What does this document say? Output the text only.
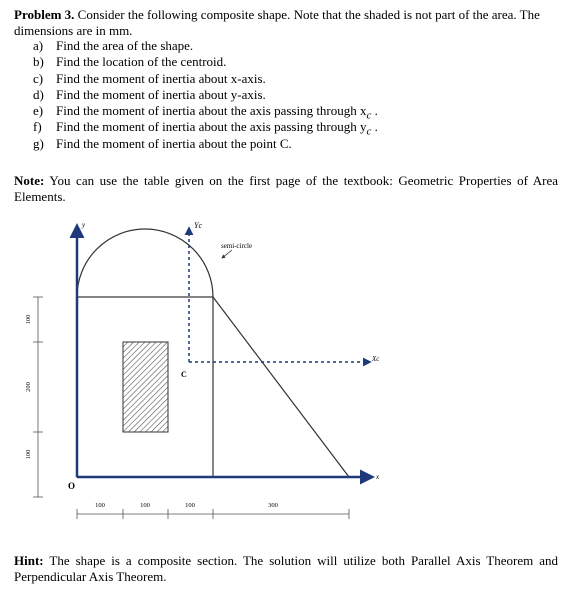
Problem 3. Consider the following composite shape. Note that the shaded is not part of the area. The dimensions are in mm.

a) Find the area of the shape.
b) Find the location of the centroid.
c) Find the moment of inertia about x-axis.
d) Find the moment of inertia about y-axis.
e) Find the moment of inertia about the axis passing through $x_c$ .
f) Find the moment of inertia about the axis passing through $y_c$ .
g) Find the moment of inertia about the point C.
Note: You can use the table given on the first page of the textbook: Geometric Properties of Area Elements.
y	Yc
semi-circle
Xc
x
C
O
100
200
100
100	100	100	300
Hint: The shape is a composite section. The solution will utilize both Parallel Axis Theorem and Perpendicular Axis Theorem.
